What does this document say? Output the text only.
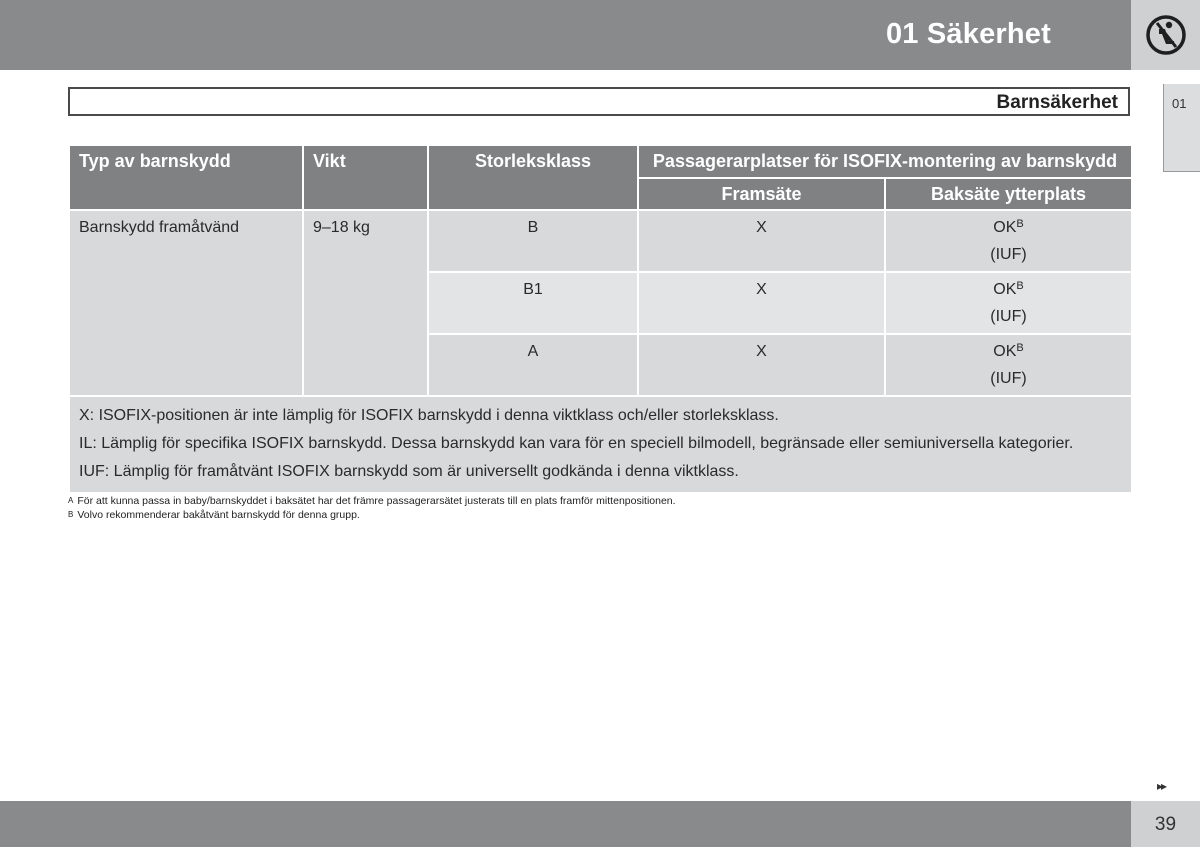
01 Säkerhet
01
Barnsäkerhet
Typ av barnskydd	Vikt	Storleksklass	Passagerarplatser för ISOFIX-montering av barnskydd	
			Framsäte	Baksäte ytterplats
Barnskydd framåtvänd	9–18 kg	B	X	$OK^B$
(IUF)

		B1	X	$OK^B$
(IUF)

		A	X	$OK^B$
(IUF)

X: ISOFIX-positionen är inte lämplig för ISOFIX barnskydd i denna viktklass och/eller storleksklass.
IL: Lämplig för specifika ISOFIX barnskydd. Dessa barnskydd kan vara för en speciell bilmodell, begränsade eller semiuniversella kategorier.
IUF: Lämplig för framåtvänt ISOFIX barnskydd som är universellt godkända i denna viktklass.				
$^A$ För att kunna passa in baby/barnskyddet i baksätet har det främre passagerarsätet justerats till en plats framför mittenpositionen.
$^B$ Volvo rekommenderar bakåtvänt barnskydd för denna grupp.
▸▸
39
